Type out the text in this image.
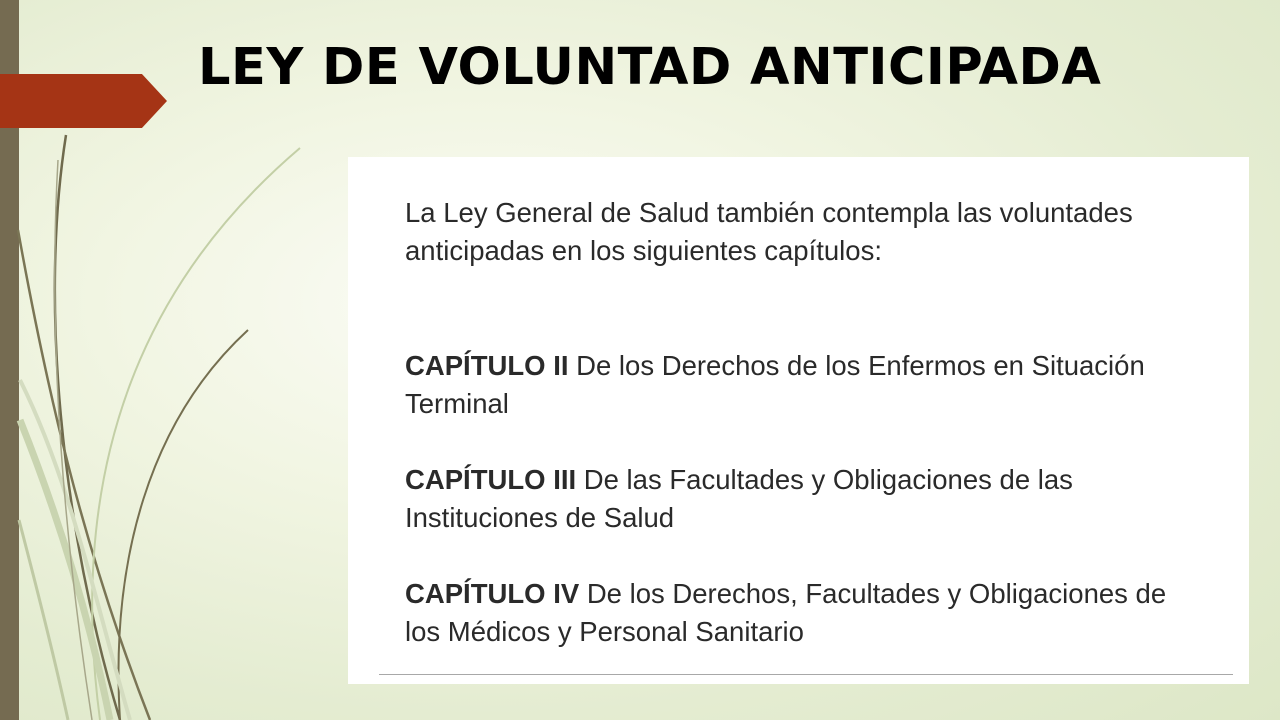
LEY DE VOLUNTAD ANTICIPADA

La Ley General de Salud también contempla las voluntades anticipadas en los siguientes capítulos:

CAPÍTULO II De los Derechos de los Enfermos en Situación Terminal

CAPÍTULO III De las Facultades y Obligaciones de las Instituciones de Salud

CAPÍTULO IV De los Derechos, Facultades y Obligaciones de los Médicos y Personal Sanitario
